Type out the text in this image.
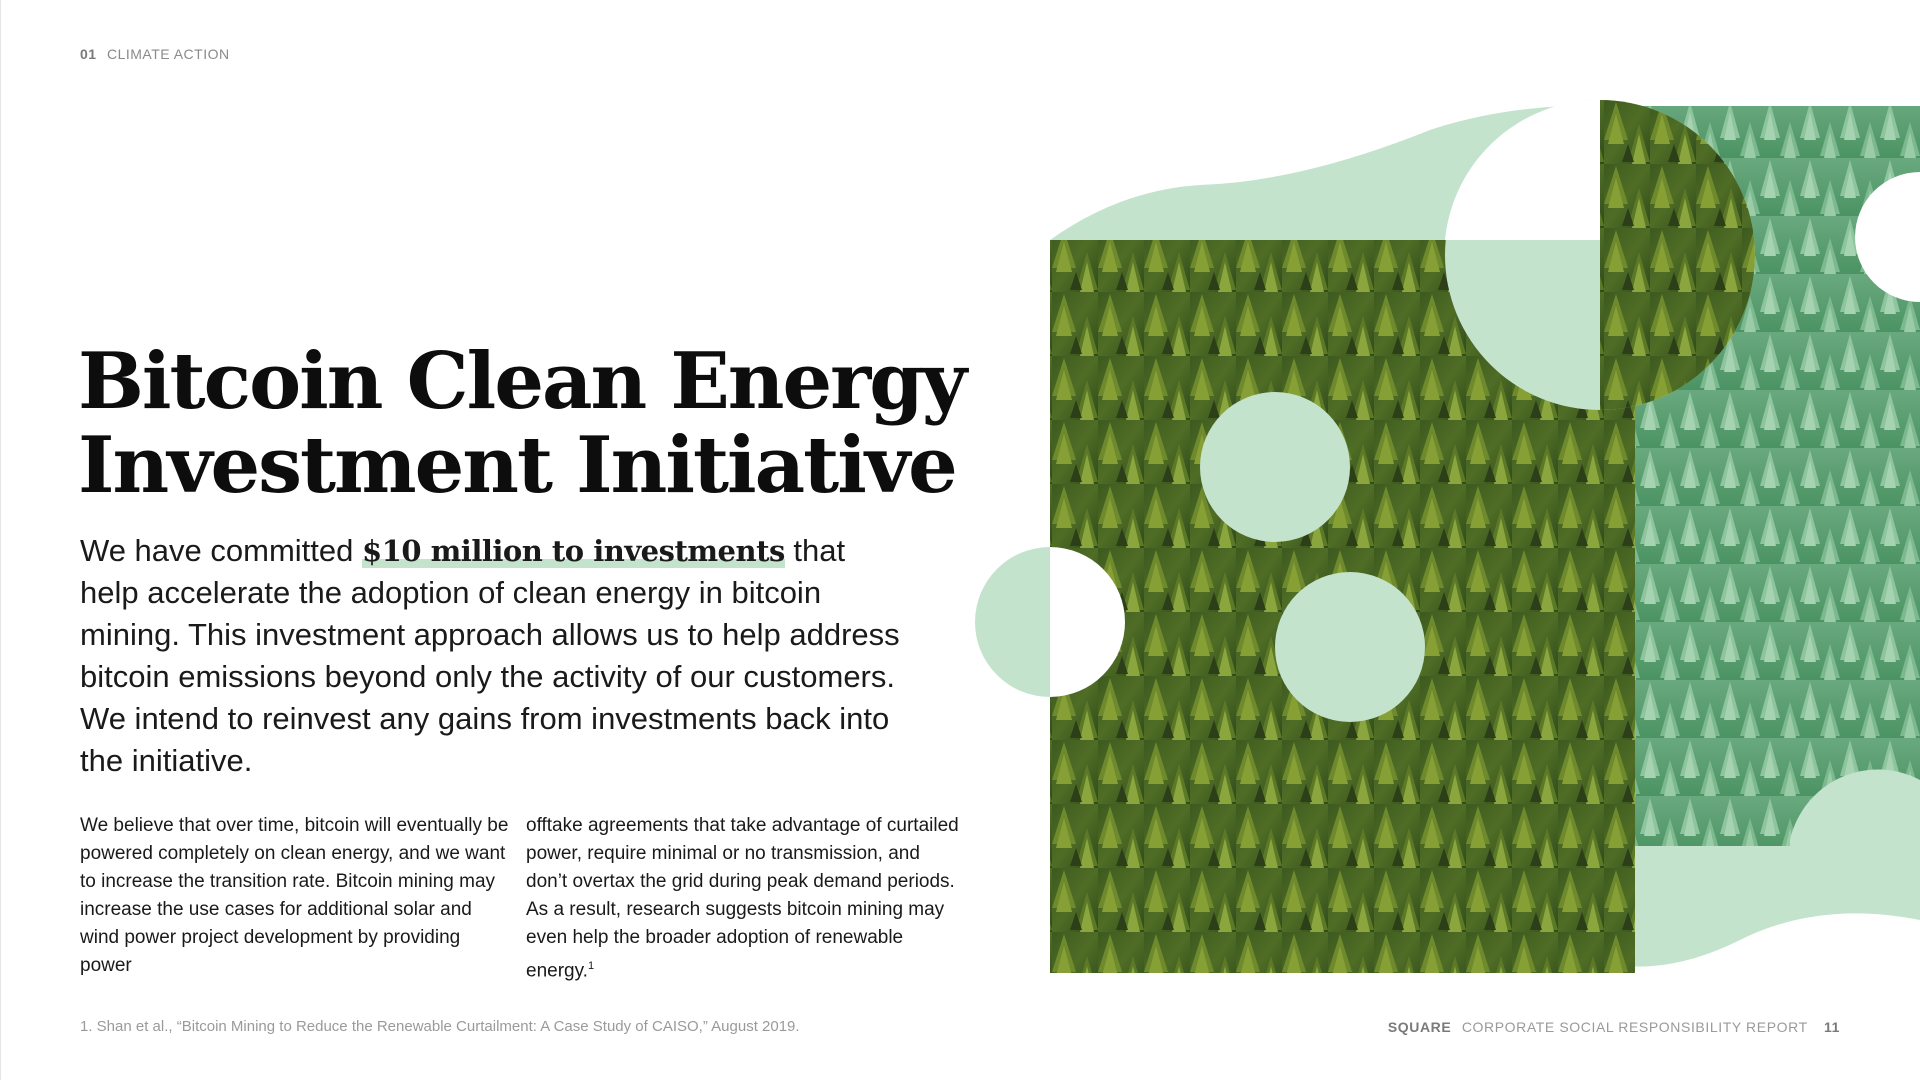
01 CLIMATE ACTION
Bitcoin Clean Energy
Investment Initiative

We have committed $10 million to investments that help accelerate the adoption of clean energy in bitcoin mining. This investment approach allows us to help address bitcoin emissions beyond only the activity of our customers. We intend to reinvest any gains from investments back into the initiative.

We believe that over time, bitcoin will eventually be powered completely on clean energy, and we want to increase the transition rate. Bitcoin mining may increase the use cases for additional solar and wind power project development by providing power

offtake agreements that take advantage of curtailed power, require minimal or no transmission, and don’t overtax the grid during peak demand periods. As a result, research suggests bitcoin mining may even help the broader adoption of renewable energy.$^1$

1. Shan et al., “Bitcoin Mining to Reduce the Renewable Curtailment: A Case Study of CAISO,” August 2019.	SQUARE CORPORATE SOCIAL RESPONSIBILITY REPORT 11
